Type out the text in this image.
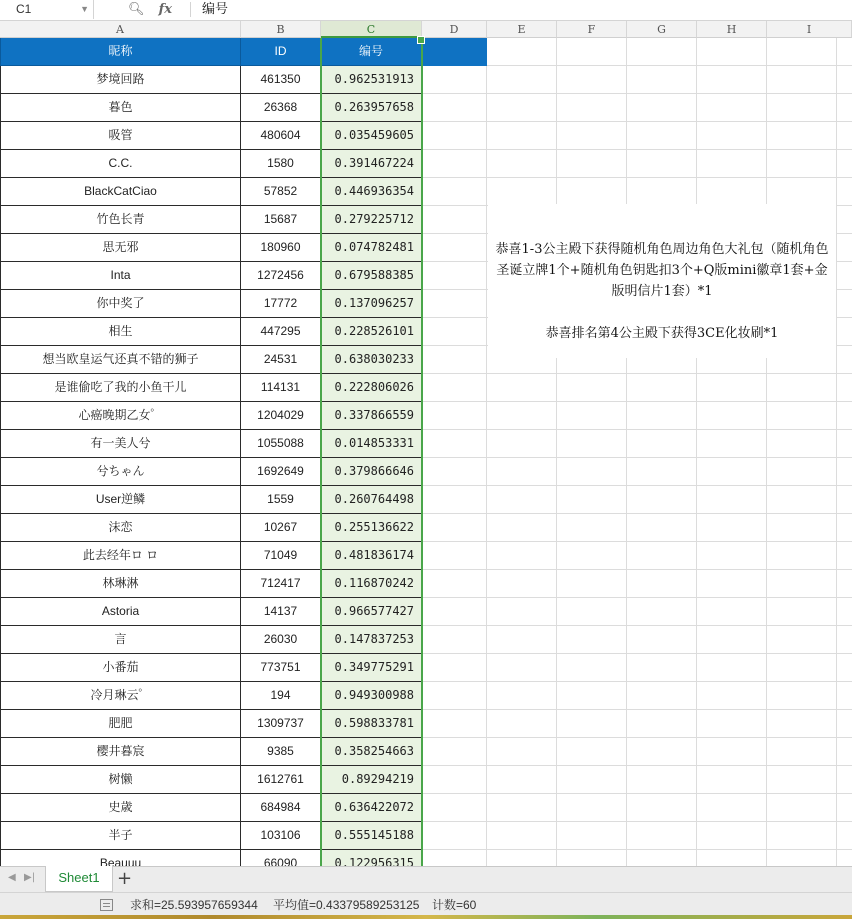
C1	▼	🔍︎ fx	编号
A	B	C	D	E	F	G	H	I
昵称	ID	编号
梦境回路	461350	0.962531913
暮色	26368	0.263957658
吸管	480604	0.035459605
C.C.	1580	0.391467224
BlackCatCiao	57852	0.446936354
竹色长青	15687	0.279225712
思无邪	180960	0.074782481
Inta	1272456	0.679588385
你中奖了	17772	0.137096257
相生	447295	0.228526101
想当欧皇运气还真不错的狮子	24531	0.638030233
是谁偷吃了我的小鱼干儿	114131	0.222806026
心癌晚期乙女゜	1204029	0.337866559
有一美人兮	1055088	0.014853331
兮ちゃん	1692649	0.379866646
User逆鳞	1559	0.260764498
沫恋	10267	0.255136622
此去经年ロ ロ	71049	0.481836174
林琳淋	712417	0.116870242
Astoria	14137	0.966577427
言	26030	0.147837253
小番茄	773751	0.349775291
冷月琳云゜	194	0.949300988
肥肥	1309737	0.598833781
樱井暮宸	9385	0.358254663
树懒	1612761	0.89294219
史歳	684984	0.636422072
半子	103106	0.555145188
Beauuu	66090	0.122956315

恭喜1-3公主殿下获得随机角色周边角色大礼包（随机角色圣诞立牌1个+随机角色钥匙扣3个+Q版mini徽章1套+金版明信片1套）*1

恭喜排名第4公主殿下获得3CE化妆刷*1

◀ ▶|	Sheet1 +
求和=25.593957659344 平均值=0.43379589253125 计数=60
